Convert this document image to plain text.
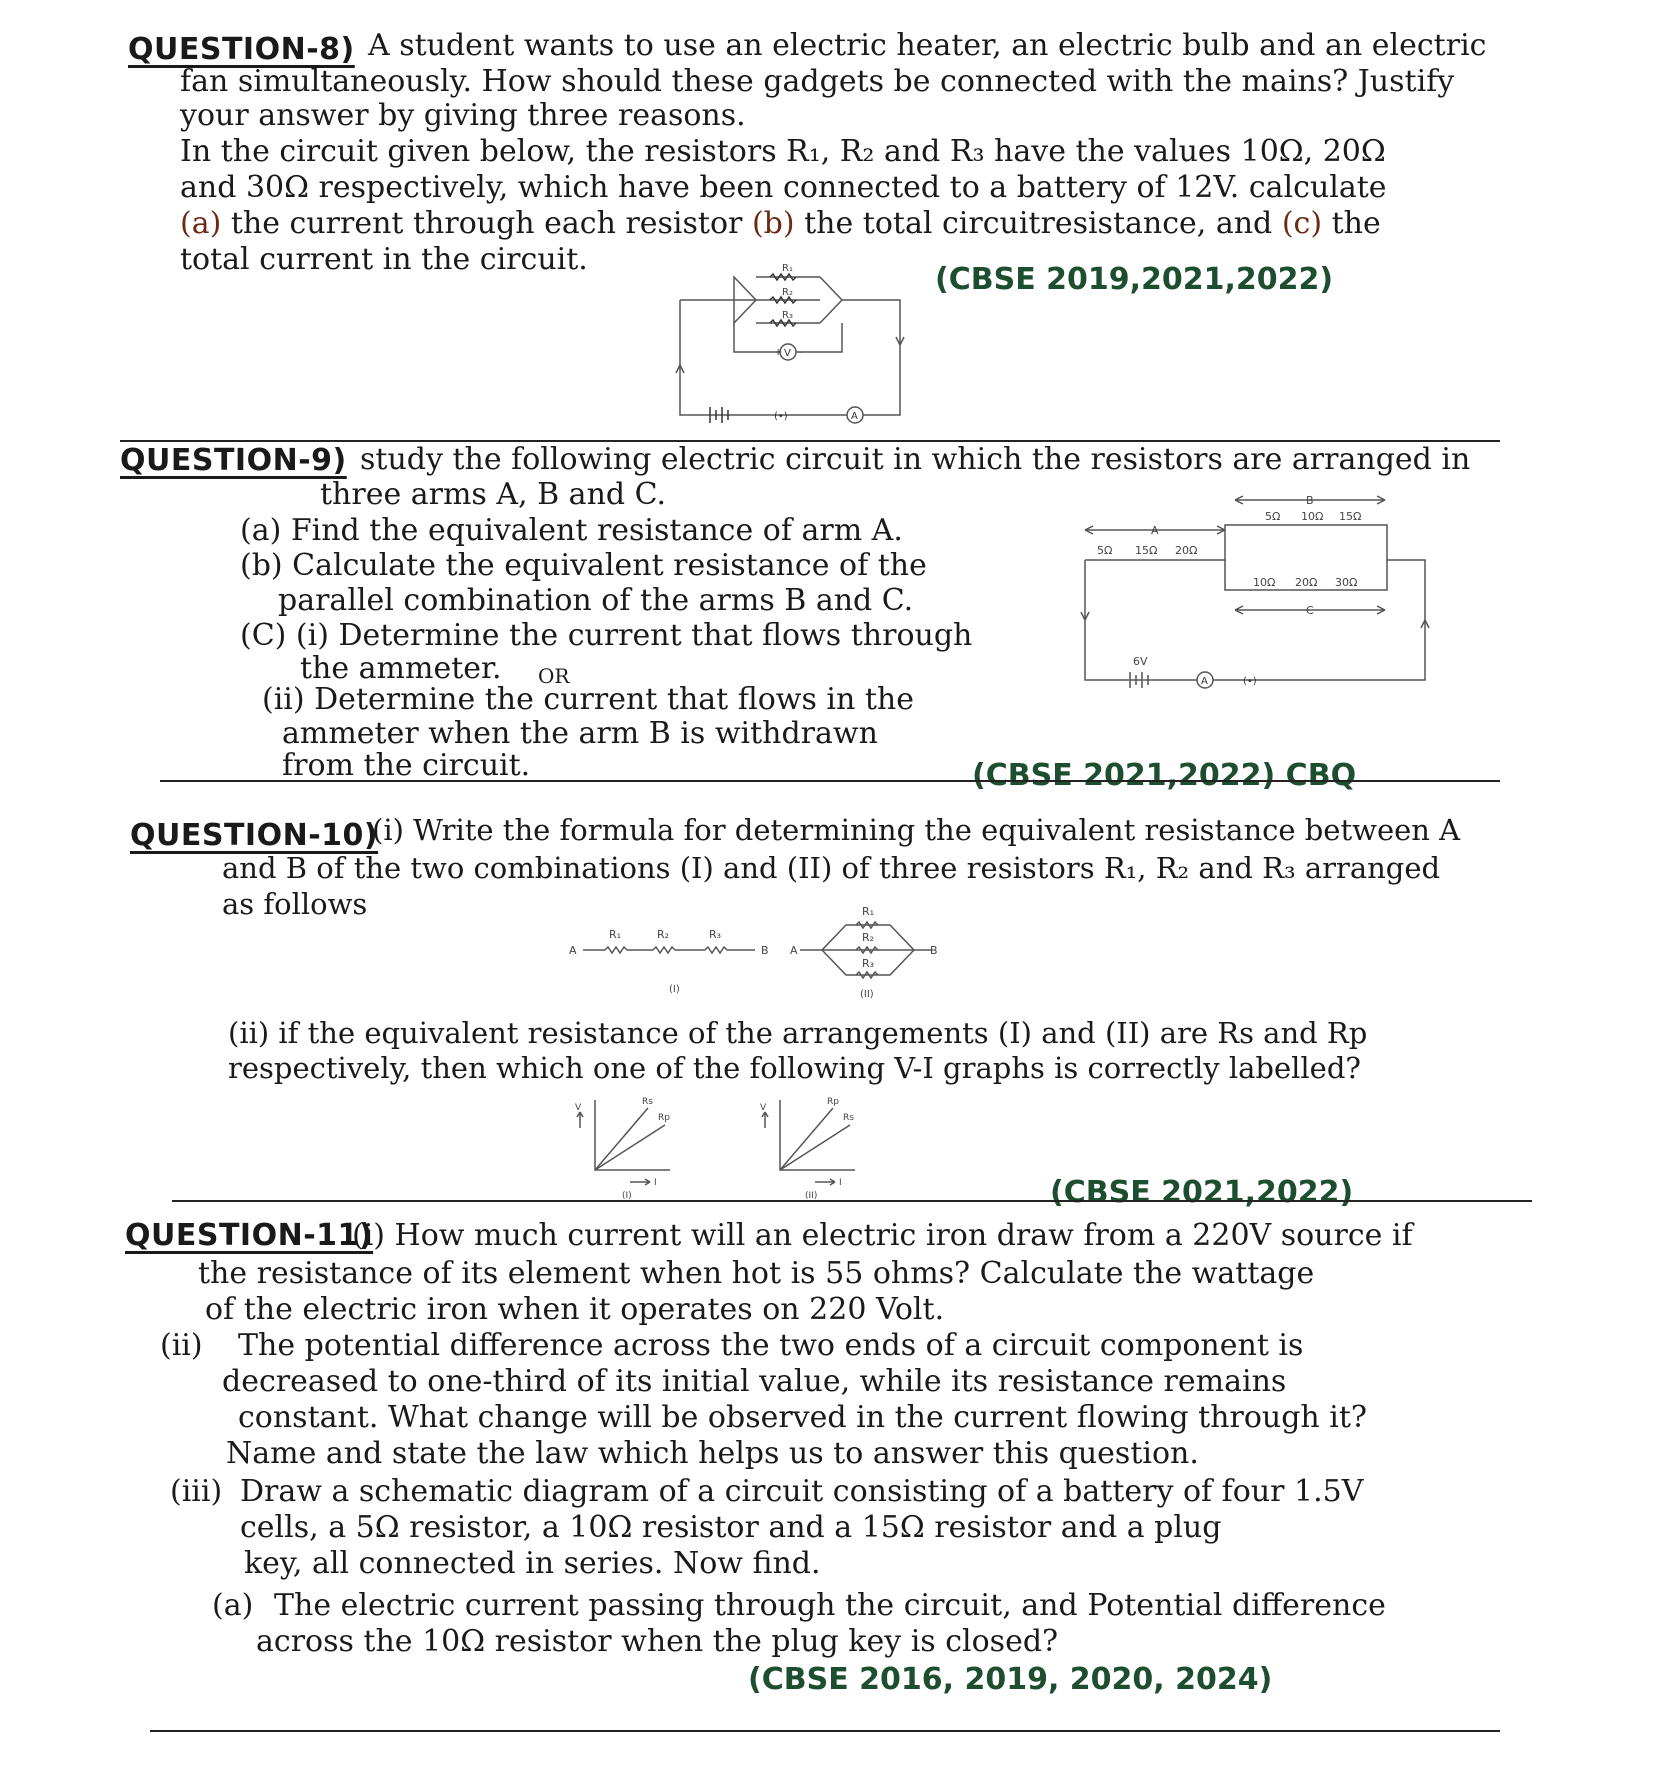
QUESTION-8) A student wants to use an electric heater, an electric bulb and an electric
fan simultaneously. How should these gadgets be connected with the mains? Justify
your answer by giving three reasons.
In the circuit given below, the resistors R₁, R₂ and R₃ have the values 10Ω, 20Ω
and 30Ω respectively, which have been connected to a battery of 12V. calculate
(a) the current through each resistor (b) the total circuitresistance, and (c) the
total current in the circuit.
(CBSE 2019,2021,2022)
R₁
R₂
R₃
V
A
(•)
+ -
QUESTION-9) study the following electric circuit in which the resistors are arranged in
three arms A, B and C.
(a) Find the equivalent resistance of arm A.
(b) Calculate the equivalent resistance of the
parallel combination of the arms B and C.
(C) (i) Determine the current that flows through
the ammeter. OR
(ii) Determine the current that flows in the
ammeter when the arm B is withdrawn
from the circuit.	(CBSE 2021,2022) CBQ
A
B
C
5Ω 15Ω 20Ω
5Ω 10Ω 15Ω
10Ω 20Ω 30Ω
6V
A	(•)
QUESTION-10)
(i) Write the formula for determining the equivalent resistance between A
and B of the two combinations (I) and (II) of three resistors R₁, R₂ and R₃ arranged
as follows
A	B
R₁	R₂	R₃
(I)
A	B
R₁
R₂
R₃
(II)
(ii) if the equivalent resistance of the arrangements (I) and (II) are Rs and Rp
respectively, then which one of the following V-I graphs is correctly labelled?
V
I
Rs
Rp
(I)
V
I
Rp
Rs
(II)	(CBSE 2021,2022)
QUESTION-11)
(i) How much current will an electric iron draw from a 220V source if
the resistance of its element when hot is 55 ohms? Calculate the wattage
of the electric iron when it operates on 220 Volt.
(ii) The potential difference across the two ends of a circuit component is
decreased to one-third of its initial value, while its resistance remains
constant. What change will be observed in the current flowing through it?
Name and state the law which helps us to answer this question.
(iii) Draw a schematic diagram of a circuit consisting of a battery of four 1.5V
cells, a 5Ω resistor, a 10Ω resistor and a 15Ω resistor and a plug
key, all connected in series. Now find.
(a) The electric current passing through the circuit, and Potential difference
across the 10Ω resistor when the plug key is closed?
(CBSE 2016, 2019, 2020, 2024)
